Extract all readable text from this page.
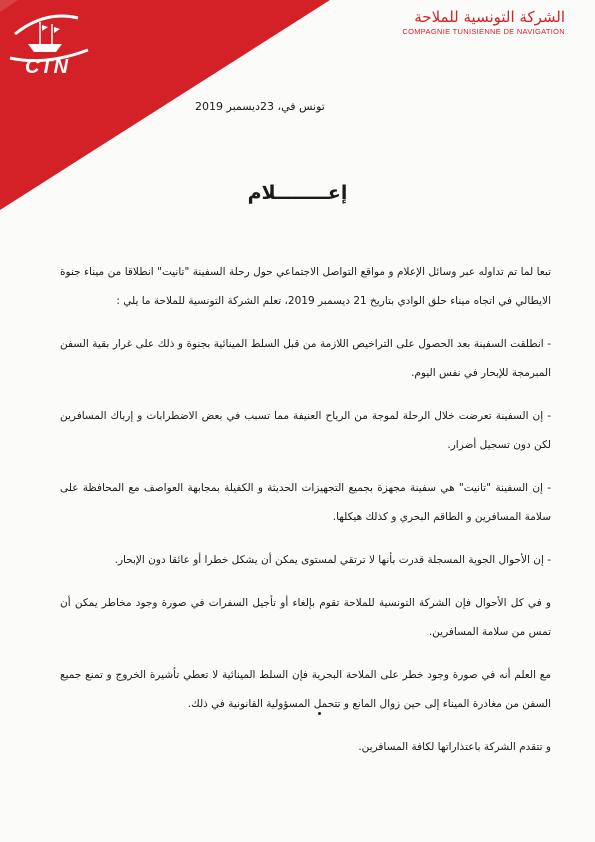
CTN
الشركة التونسية للملاحة
COMPAGNIE TUNISIENNE DE NAVIGATION
تونس في، 23ديسمبر 2019
إعــــــــلام

تبعا لما تم تداوله عبر وسائل الإعلام و مواقع التواصل الاجتماعي حول رحلة السفينة "تانيت" انطلاقا من ميناء جنوة الايطالي في اتجاه ميناء حلق الوادي بتاريخ 21 ديسمبر 2019، تعلم الشركة التونسية للملاحة ما يلي :

- انطلقت السفينة بعد الحصول على التراخيص اللازمة من قبل السلط المينائية بجنوة و ذلك على غرار بقية السفن المبرمجة للإبحار في نفس اليوم.

- إن السفينة تعرضت خلال الرحلة لموجة من الرياح العنيفة مما تسبب في بعض الاضطرابات و إرباك المسافرين لكن دون تسجيل أضرار.

- إن السفينة "تانيت" هي سفينة مجهزة بجميع التجهيزات الحديثة و الكفيلة بمجابهة العواصف مع المحافظة على سلامة المسافرين و الطاقم البحري و كذلك هيكلها.

- إن الأحوال الجوية المسجلة قدرت بأنها لا ترتقي لمستوى يمكن أن يشكل خطرا أو عائقا دون الإبحار.

و في كل الأحوال فإن الشركة التونسية للملاحة تقوم بإلغاء أو تأجيل السفرات في صورة وجود مخاطر يمكن أن تمس من سلامة المسافرين.

مع العلم أنه في صورة وجود خطر على الملاحة البحرية فإن السلط المينائية لا تعطي تأشيرة الخروج و تمنع جميع السفن من مغادرة الميناء إلى حين زوال المانع و تتحمل المسؤولية القانونية في ذلك.

و تتقدم الشركة باعتذاراتها لكافة المسافرين.
